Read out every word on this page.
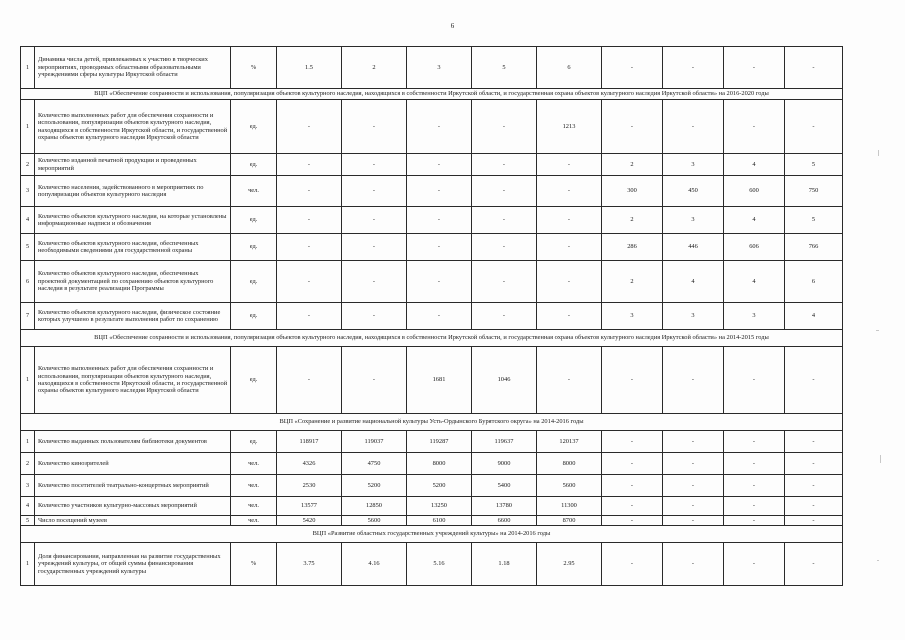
6
1	Динамика числа детей, привлекаемых к участию в творческих мероприятиях, проводимых областными образовательными учреждениями сферы культуры Иркутской области	%	1.5	2	3	5	6	-	-	-	-
ВЦП «Обеспечение сохранности и использования, популяризация объектов культурного наследия, находящихся в собственности Иркутской области, и государственная охрана объектов культурного наследия Иркутской области» на 2016-2020 годы											
1	Количество выполненных работ для обеспечения сохранности и использования, популяризации объектов культурного наследия, находящихся в собственности Иркутской области, и государственной охраны объектов культурного наследия Иркутской области	ед.	-	-	-	-	1213	-	-	-	-
2	Количество изданной печатной продукции и проведенных мероприятий	ед.	-	-	-	-	-	2	3	4	5
3	Количество населения, задействованного в мероприятиях по популяризации объектов культурного наследия	чел.	-	-	-	-	-	300	450	600	750
4	Количество объектов культурного наследия, на которые установлены информационные надписи и обозначения	ед.	-	-	-	-	-	2	3	4	5
5	Количество объектов культурного наследия, обеспеченных необходимыми сведениями для государственной охраны	ед.	-	-	-	-	-	286	446	606	766
6	Количество объектов культурного наследия, обеспеченных проектной документацией по сохранению объектов культурного наследия в результате реализации Программы	ед.	-	-	-	-	-	2	4	4	6
7	Количество объектов культурного наследия, физическое состояние которых улучшено в результате выполнения работ по сохранению	ед.	-	-	-	-	-	3	3	3	4
ВЦП «Обеспечение сохранности и использования, популяризация объектов культурного наследия, находящихся в собственности Иркутской области, и государственная охрана объектов культурного наследия Иркутской области» на 2014-2015 годы											
1	Количество выполненных работ для обеспечения сохранности и использования, популяризации объектов культурного наследия, находящихся в собственности Иркутской области, и государственной охраны объектов культурного наследия Иркутской области	ед.	-	-	1681	1046	-	-	-	-	-
ВЦП «Сохранение и развитие национальной культуры Усть-Ордынского Бурятского округа» на 2014-2016 годы											
1	Количество выданных пользователям библиотеки документов	ед.	118917	119037	119287	119637	120137	-	-	-	-
2	Количество кинозрителей	чел.	4326	4750	8000	9000	8000	-	-	-	-
3	Количество посетителей театрально-концертных мероприятий	чел.	2530	5200	5200	5400	5600	-	-	-	-
4	Количество участников культурно-массовых мероприятий	чел.	13577	12850	13250	13780	11300	-	-	-	-
5	Число посещений музеев	чел.	5420	5600	6100	6600	8700	-	-	-	-
ВЦП «Развитие областных государственных учреждений культуры» на 2014-2016 годы											
1	Доля финансирования, направленная на развитие государственных учреждений культуры, от общей суммы финансирования государственных учреждений культуры	%	3.75	4.16	5.16	1.18	2.95	-	-	-	-
